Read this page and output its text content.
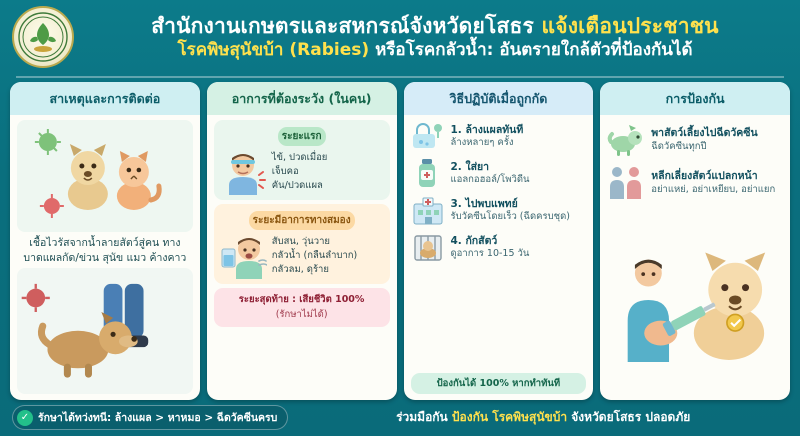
สำนักงานเกษตรและสหกรณ์จังหวัดยโสธร แจ้งเตือนประชาชน
โรคพิษสุนัขบ้า (Rabies) หรือโรคกลัวน้ำ: อันตรายใกล้ตัวที่ป้องกันได้
สาเหตุและการติดต่อ
เชื้อไวรัสจากน้ำลายสัตว์สู่คน ทางบาดแผลกัด/ข่วน สุนัข แมว ค้างคาว
อาการที่ต้องระวัง (ในคน)
ระยะแรก
ไข้, ปวดเมื่อย
เจ็บคอ
คัน/ปวดแผล
ระยะมีอาการทางสมอง
สับสน, วุ่นวาย
กลัวน้ำ (กลืนลำบาก)
กลัวลม, ดุร้าย
ระยะสุดท้าย : เสียชีวิต 100%
(รักษาไม่ได้)
วิธีปฏิบัติเมื่อถูกกัด
1. ล้างแผลทันที
ล้างหลายๆ ครั้ง
2. ใส่ยา
แอลกอฮอล์/โพวิดีน
3. ไปพบแพทย์
รับวัคซีนโดยเร็ว (ฉีดครบชุด)
4. กักสัตว์
ดูอาการ 10-15 วัน
ป้องกันได้ 100% หากทำทันที
การป้องกัน
พาสัตว์เลี้ยงไปฉีดวัคซีน
ฉีดวัคซีนทุกปี
หลีกเลี่ยงสัตว์แปลกหน้า
อย่าแหย่, อย่าเหยียบ, อย่าแยก
✓ รักษาได้ทว่งทนี: ล้างแผล > หาหมอ > ฉีดวัคซีนครบ	ร่วมมือกัน ป้องกัน โรคพิษสุนัขบ้า จังหวัดยโสธร ปลอดภัย
